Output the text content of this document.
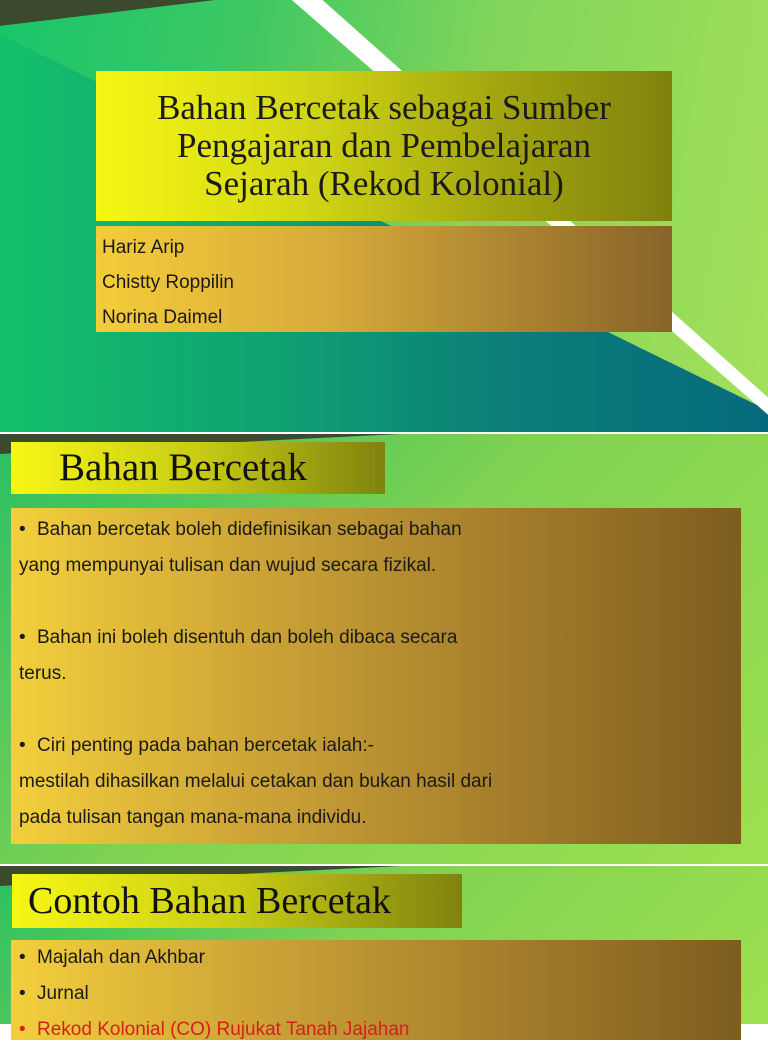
Bahan Bercetak sebagai Sumber
Pengajaran dan Pembelajaran
Sejarah (Rekod Kolonial)

Hariz Arip

Chistty Roppilin

Norina Daimel

Bahan Bercetak

• Bahan bercetak boleh didefinisikan sebagai bahan

yang mempunyai tulisan dan wujud secara fizikal.

• Bahan ini boleh disentuh dan boleh dibaca secara

terus.

• Ciri penting pada bahan bercetak ialah:-

mestilah dihasilkan melalui cetakan dan bukan hasil dari

pada tulisan tangan mana-mana individu.

Contoh Bahan Bercetak

• Majalah dan Akhbar

• Jurnal

• Rekod Kolonial (CO) Rujukat Tanah Jajahan
